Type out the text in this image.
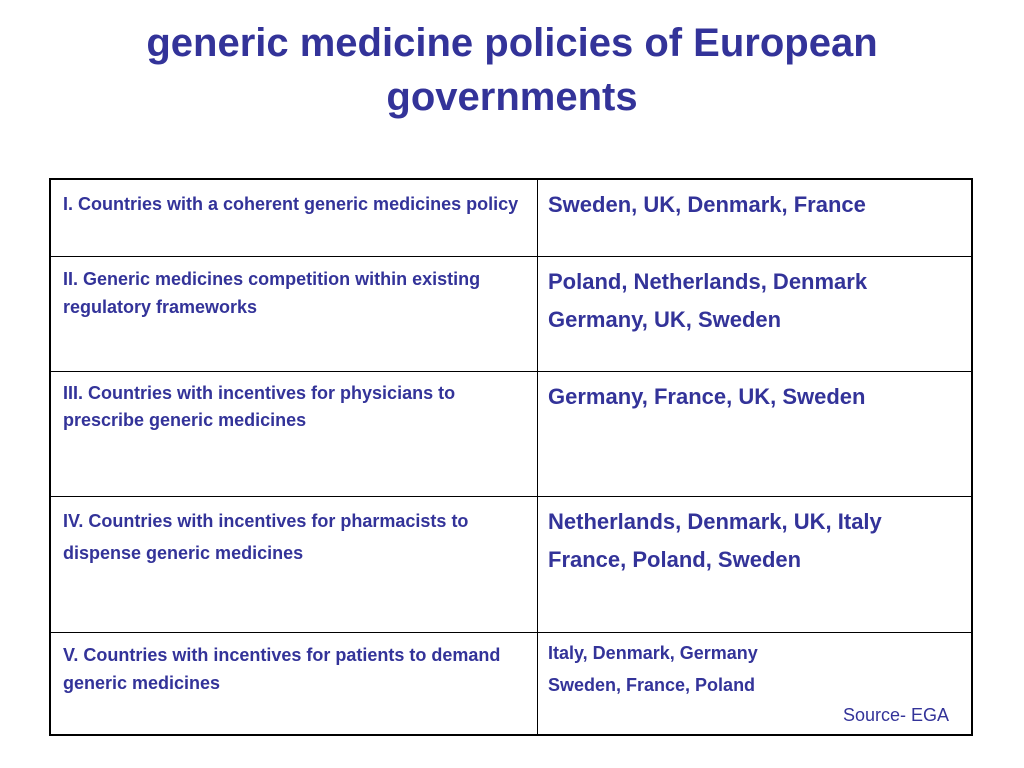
generic medicine policies of European governments
I. Countries with a coherent generic medicines policy	Sweden, UK, Denmark, France

II. Generic medicines competition within existing regulatory frameworks	Poland, Netherlands, Denmark
Germany, UK, Sweden

III. Countries with incentives for physicians to prescribe generic medicines	Germany, France, UK, Sweden

IV. Countries with incentives for pharmacists to dispense generic medicines	Netherlands, Denmark, UK, Italy
France, Poland, Sweden

V. Countries with incentives for patients to demand generic medicines	Italy, Denmark, Germany
Sweden, France, Poland
Source- EGA
